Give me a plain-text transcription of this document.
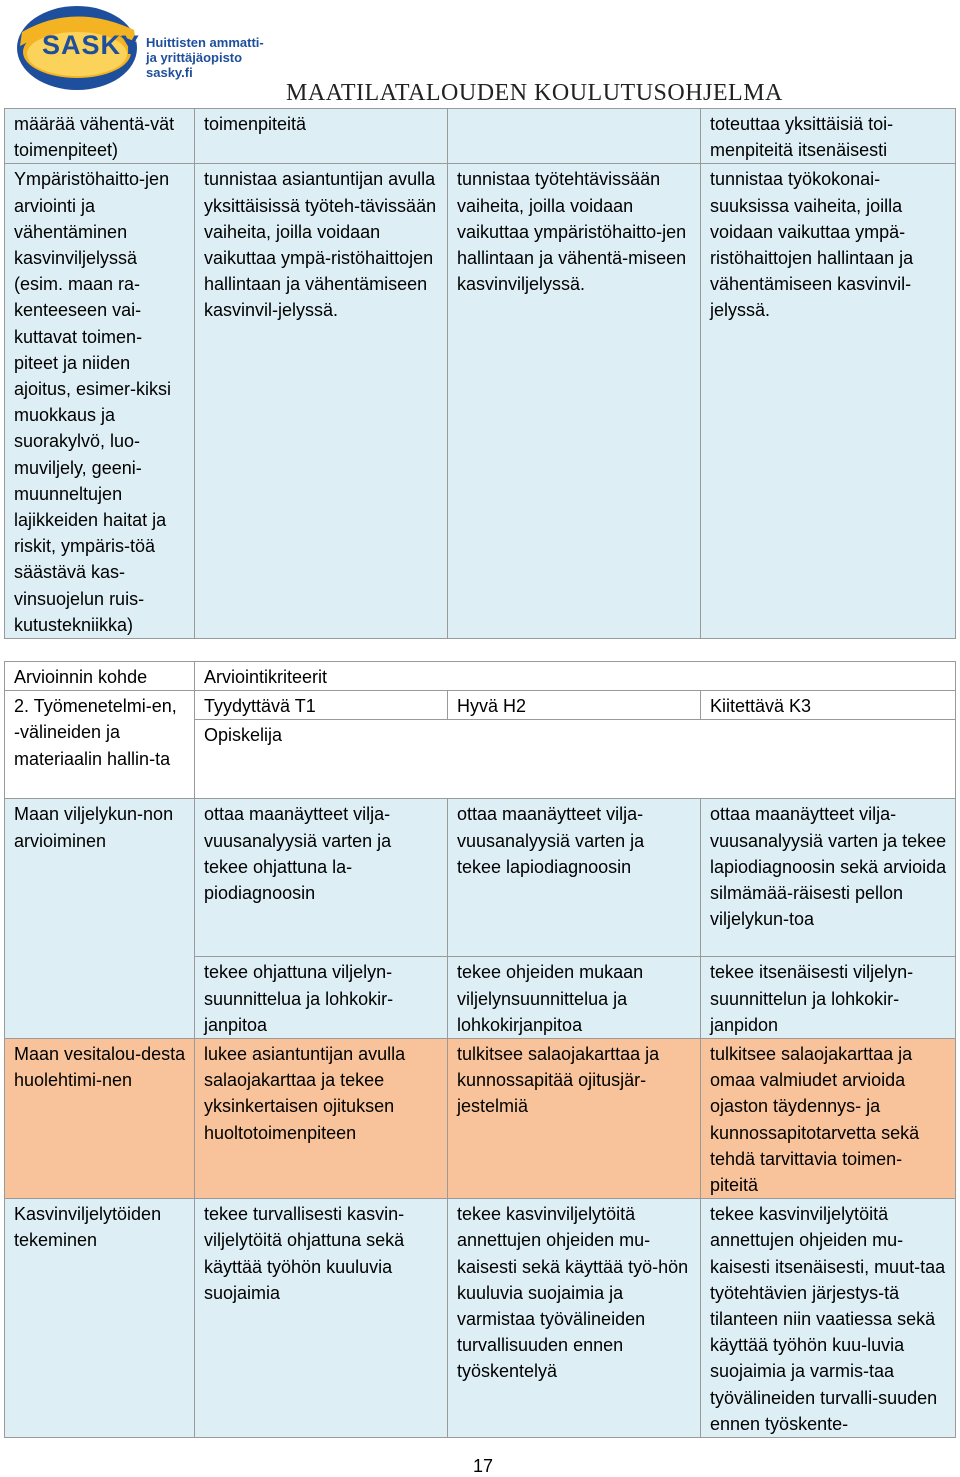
SASKY Huittisten ammatti-
ja yrittäjäopisto
sasky.fi
MAATILATALOUDEN KOULUTUSOHJELMA
määrää vähentä-vät toimenpiteet)	toimenpiteitä		toteuttaa yksittäisiä toi-menpiteitä itsenäisesti
Ympäristöhaitto-jen arviointi ja vähentäminen kasvinviljelyssä (esim. maan ra-kenteeseen vai-kuttavat toimen-piteet ja niiden ajoitus, esimer-kiksi muokkaus ja suorakylvö, luo-muviljely, geeni-muunneltujen lajikkeiden haitat ja riskit, ympäris-töä säästävä kas-vinsuojelun ruis-kutustekniikka)	tunnistaa asiantuntijan avulla yksittäisissä työteh-tävissään vaiheita, joilla voidaan vaikuttaa ympä-ristöhaittojen hallintaan ja vähentämiseen kasvinvil-jelyssä.	tunnistaa työtehtävissään vaiheita, joilla voidaan vaikuttaa ympäristöhaitto-jen hallintaan ja vähentä-miseen kasvinviljelyssä.	tunnistaa työkokonai-suuksissa vaiheita, joilla voidaan vaikuttaa ympä-ristöhaittojen hallintaan ja vähentämiseen kasvinvil-jelyssä.
Arvioinnin kohde	Arviointikriteerit		
2. Työmenetelmi-en, -välineiden ja materiaalin hallin-ta	Tyydyttävä T1	Hyvä H2	Kiitettävä K3
	Opiskelija		
Maan viljelykun-non arvioiminen	ottaa maanäytteet vilja-vuusanalyysiä varten ja tekee ohjattuna la-piodiagnoosin	ottaa maanäytteet vilja-vuusanalyysiä varten ja tekee lapiodiagnoosin	ottaa maanäytteet vilja-vuusanalyysiä varten ja tekee lapiodiagnoosin sekä arvioida silmämää-räisesti pellon viljelykun-toa
	tekee ohjattuna viljelyn-suunnittelua ja lohkokir-janpitoa	tekee ohjeiden mukaan viljelynsuunnittelua ja lohkokirjanpitoa	tekee itsenäisesti viljelyn-suunnittelun ja lohkokir-janpidon
Maan vesitalou-desta huolehtimi-nen	lukee asiantuntijan avulla salaojakarttaa ja tekee yksinkertaisen ojituksen huoltotoimenpiteen	tulkitsee salaojakarttaa ja kunnossapitää ojitusjär-jestelmiä	tulkitsee salaojakarttaa ja omaa valmiudet arvioida ojaston täydennys- ja kunnossapitotarvetta sekä tehdä tarvittavia toimen-piteitä
Kasvinviljelytöiden tekeminen	tekee turvallisesti kasvin-viljelytöitä ohjattuna sekä käyttää työhön kuuluvia suojaimia	tekee kasvinviljelytöitä annettujen ohjeiden mu-kaisesti sekä käyttää työ-hön kuuluvia suojaimia ja varmistaa työvälineiden turvallisuuden ennen työskentelyä	tekee kasvinviljelytöitä annettujen ohjeiden mu-kaisesti itsenäisesti, muut-taa työtehtävien järjestys-tä tilanteen niin vaatiessa sekä käyttää työhön kuu-luvia suojaimia ja varmis-taa työvälineiden turvalli-suuden ennen työskente-
17
